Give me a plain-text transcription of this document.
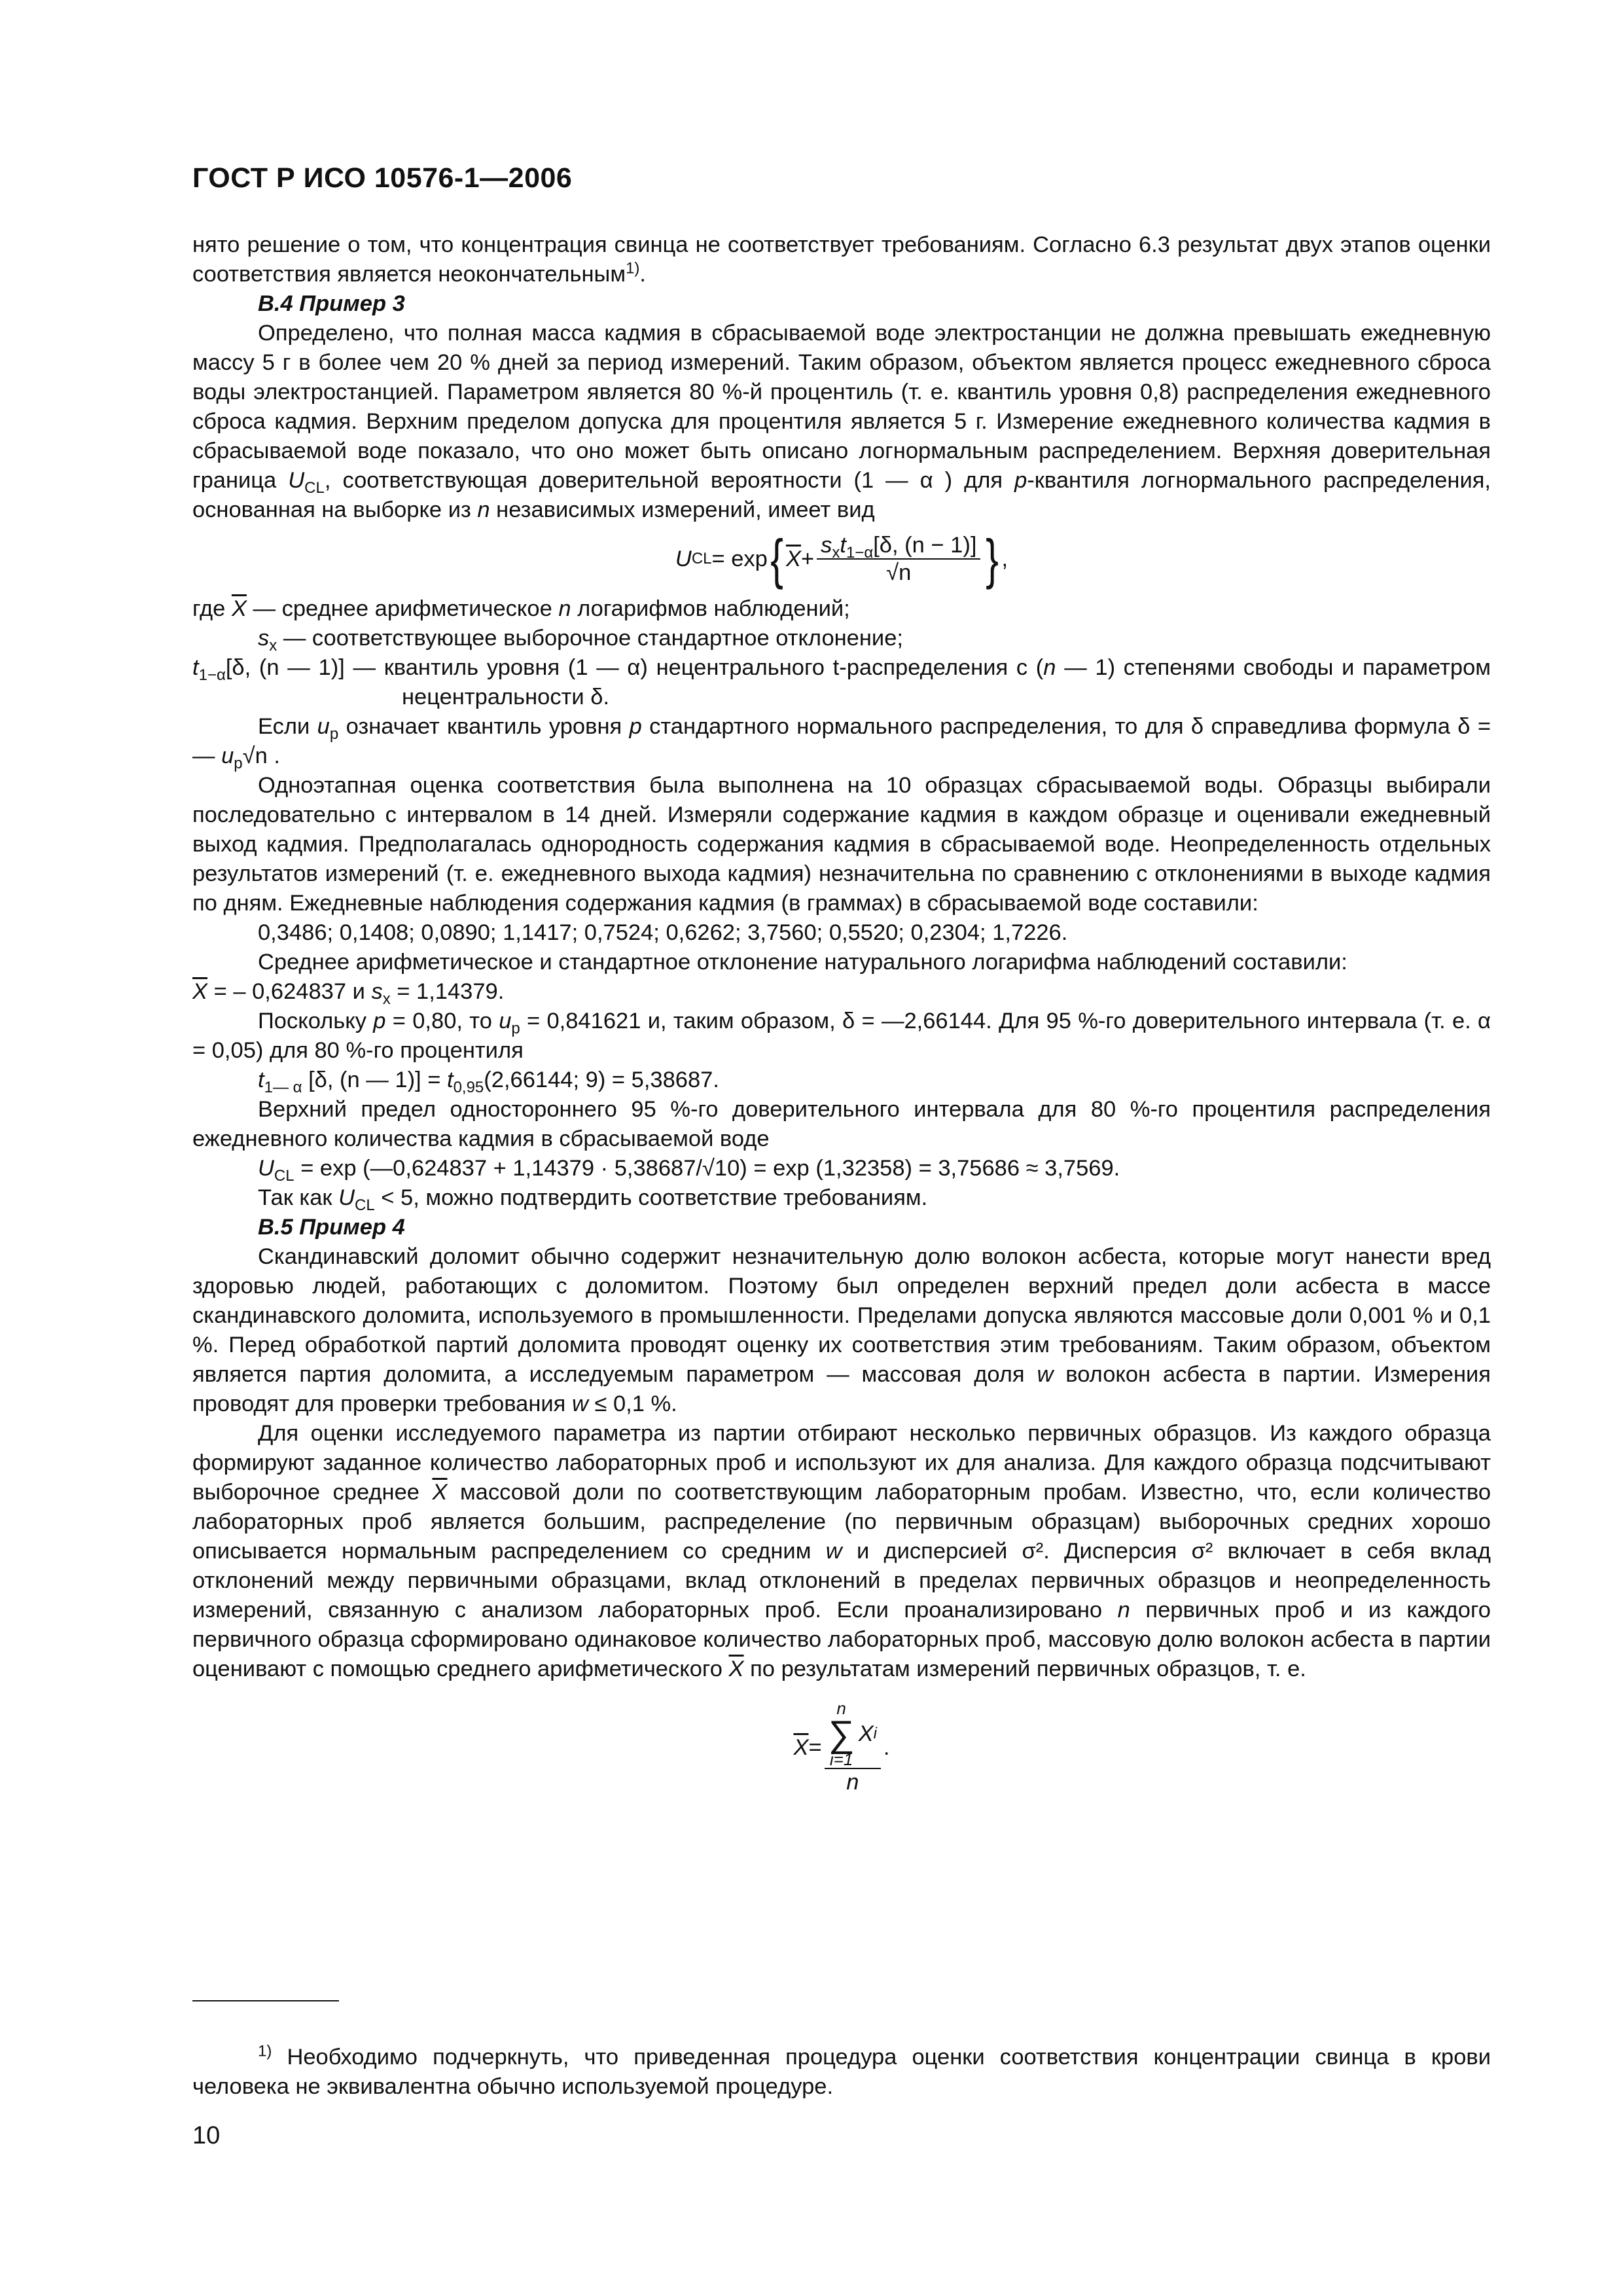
ГОСТ Р ИСО 10576-1—2006

нято решение о том, что концентрация свинца не соответствует требованиям. Согласно 6.3 результат двух этапов оценки соответствия является неокончательным$^{1)}$.

В.4 Пример 3

Определено, что полная масса кадмия в сбрасываемой воде электростанции не должна превышать ежедневную массу 5 г в более чем 20 % дней за период измерений. Таким образом, объектом является процесс ежедневного сброса воды электростанцией. Параметром является 80 %-й процентиль (т. е. квантиль уровня 0,8) распределения ежедневного сброса кадмия. Верхним пределом допуска для процентиля является 5 г. Измерение ежедневного количества кадмия в сбрасываемой воде показало, что оно может быть описано логнормальным распределением. Верхняя доверительная граница $U_{CL}$, соответствующая доверительной вероятности (1 — α ) для p-квантиля логнормального распределения, основанная на выборке из n независимых измерений, имеет вид

U CL = exp { $\overline{X} + \frac{s_xt_{1-\alpha}[\delta, (n - 1)]}{√n}$ } ,

где $\overline{X}$ — среднее арифметическое n логарифмов наблюдений;

$s_x$ — соответствующее выборочное стандартное отклонение;

$t_{1-\alpha}[\delta$, (n — 1)] — квантиль уровня (1 — α) нецентрального t-распределения с (n — 1) степенями свободы и параметром нецентральности δ.

Если $u_p$ означает квантиль уровня p стандартного нормального распределения, то для δ справедлива формула δ = — $u_p√n$ .

Одноэтапная оценка соответствия была выполнена на 10 образцах сбрасываемой воды. Образцы выбирали последовательно с интервалом в 14 дней. Измеряли содержание кадмия в каждом образце и оценивали ежедневный выход кадмия. Предполагалась однородность содержания кадмия в сбрасываемой воде. Неопределенность отдельных результатов измерений (т. е. ежедневного выхода кадмия) незначительна по сравнению с отклонениями в выходе кадмия по дням. Ежедневные наблюдения содержания кадмия (в граммах) в сбрасываемой воде составили:

0,3486; 0,1408; 0,0890; 1,1417; 0,7524; 0,6262; 3,7560; 0,5520; 0,2304; 1,7226.

Среднее арифметическое и стандартное отклонение натурального логарифма наблюдений составили:

$\overline{X}$ = – 0,624837 и $s_x = 1,14379$.

Поскольку p = 0,80, то $u_p = 0,841621$ и, таким образом, δ = —2,66144. Для 95 %-го доверительного интервала (т. е. α = 0,05) для 80 %-го процентиля

$t_{1— \alpha}$ [δ, (n — $1)] = t_{0,95}(2,66144$; 9) = 5,38687.

Верхний предел одностороннего 95 %-го доверительного интервала для 80 %-го процентиля распределения ежедневного количества кадмия в сбрасываемой воде

$U_{CL} = \exp$ (—0,624837 + 1,14379 · 5,38687/√10) = exp (1,32358) = 3,75686 ≈ 3,7569.

Так как $U_{CL} < 5$, можно подтвердить соответствие требованиям.

В.5 Пример 4

Скандинавский доломит обычно содержит незначительную долю волокон асбеста, которые могут нанести вред здоровью людей, работающих с доломитом. Поэтому был определен верхний предел доли асбеста в массе скандинавского доломита, используемого в промышленности. Пределами допуска являются массовые доли 0,001 % и 0,1 %. Перед обработкой партий доломита проводят оценку их соответствия этим требованиям. Таким образом, объектом является партия доломита, а исследуемым параметром — массовая доля w волокон асбеста в партии. Измерения проводят для проверки требования w ≤ 0,1 %.

Для оценки исследуемого параметра из партии отбирают несколько первичных образцов. Из каждого образца формируют заданное количество лабораторных проб и используют их для анализа. Для каждого образца подсчитывают выборочное среднее $\overline{X}$ массовой доли по соответствующим лабораторным пробам. Известно, что, если количество лабораторных проб является большим, распределение (по первичным образцам) выборочных средних хорошо описывается нормальным распределением со средним w и дисперсией σ². Дисперсия σ² включает в себя вклад отклонений между первичными образцами, вклад отклонений в пределах первичных образцов и неопределенность измерений, связанную с анализом лабораторных проб. Если проанализировано n первичных проб и из каждого первичного образца сформировано одинаковое количество лабораторных проб, массовую долю волокон асбеста в партии оценивают с помощью среднего арифметического $\overline{X}$ по результатам измерений первичных образцов, т. е.

$\overline{X} = n$
∑
i=1
X i
n .

$^{1)}$ Необходимо подчеркнуть, что приведенная процедура оценки соответствия концентрации свинца в крови человека не эквивалентна обычно используемой процедуре.

10
